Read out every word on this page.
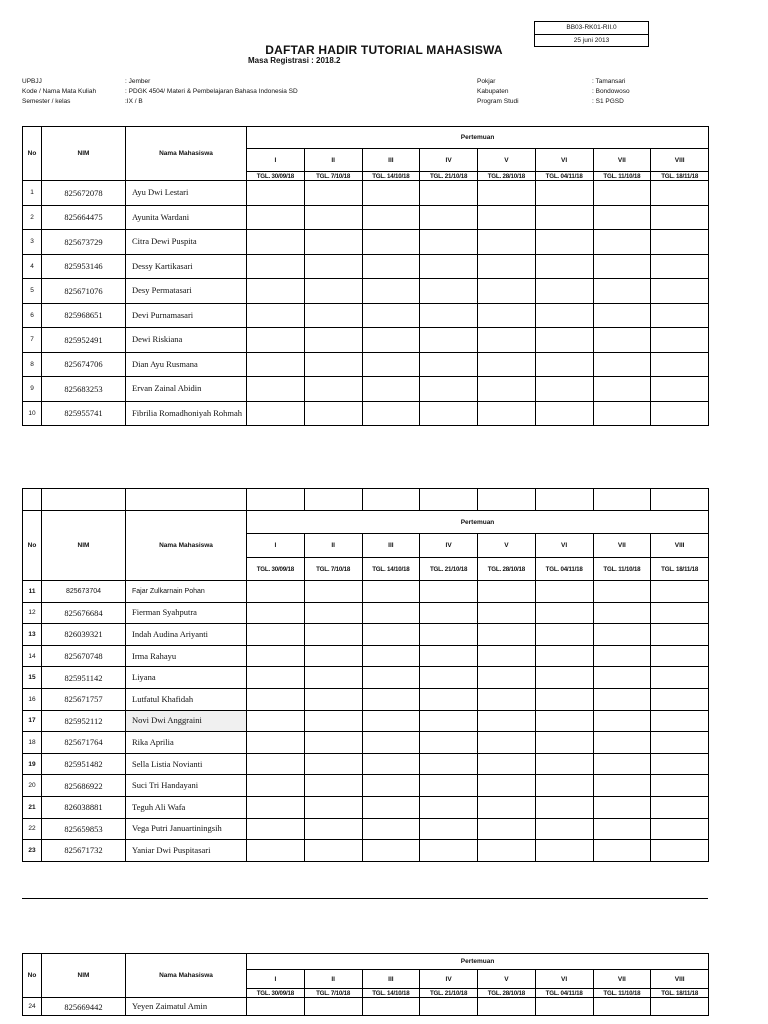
BB03-RK01-RII.0
25 juni 2013
DAFTAR HADIR TUTORIAL MAHASISWA
Masa Registrasi : 2018.2
UPBJJ	: Jember
Kode / Nama Mata Kuliah	: PDGK 4504/ Materi & Pembelajaran Bahasa Indonesia SD
Semester / kelas	:IX / B
Pokjar	: Tamansari
Kabupaten	: Bondowoso
Program Studi	: S1 PGSD
No	NIM	Nama Mahasiswa	Pertemuan							
			I	II	III	IV	V	VI	VII	VIII
			TGL. 30/09/18	TGL. 7/10/18	TGL. 14/10/18	TGL. 21/10/18	TGL. 28/10/18	TGL. 04/11/18	TGL. 11/10/18	TGL. 18/11/18
1	825672078	Ayu Dwi Lestari								
2	825664475	Ayunita Wardani								
3	825673729	Citra Dewi Puspita								
4	825953146	Dessy Kartikasari								
5	825671076	Desy Permatasari								
6	825968651	Devi Purnamasari								
7	825952491	Dewi Riskiana								
8	825674706	Dian Ayu Rusmana								
9	825683253	Ervan Zainal Abidin								
10	825955741	Fibrilia Romadhoniyah Rohmah								

No	NIM	Nama Mahasiswa	Pertemuan							
			I	II	III	IV	V	VI	VII	VIII
			TGL. 30/09/18	TGL. 7/10/18	TGL. 14/10/18	TGL. 21/10/18	TGL. 28/10/18	TGL. 04/11/18	TGL. 11/10/18	TGL. 18/11/18
11	825673704	Fajar Zulkarnain Pohan								
12	825676684	Fierman Syahputra								
13	826039321	Indah Audina Ariyanti								
14	825670748	Irma Rahayu								
15	825951142	Liyana								
16	825671757	Lutfatul Khafidah								
17	825952112	Novi Dwi Anggraini								
18	825671764	Rika Aprilia								
19	825951482	Sella Listia Novianti								
20	825686922	Suci Tri Handayani								
21	826038881	Teguh Ali Wafa								
22	825659853	Vega Putri Januartiningsih								
23	825671732	Yaniar Dwi Puspitasari								
No	NIM	Nama Mahasiswa	Pertemuan							
			I	II	III	IV	V	VI	VII	VIII
			TGL. 30/09/18	TGL. 7/10/18	TGL. 14/10/18	TGL. 21/10/18	TGL. 28/10/18	TGL. 04/11/18	TGL. 11/10/18	TGL. 18/11/18
24	825669442	Yeyen Zaimatul Amin								
